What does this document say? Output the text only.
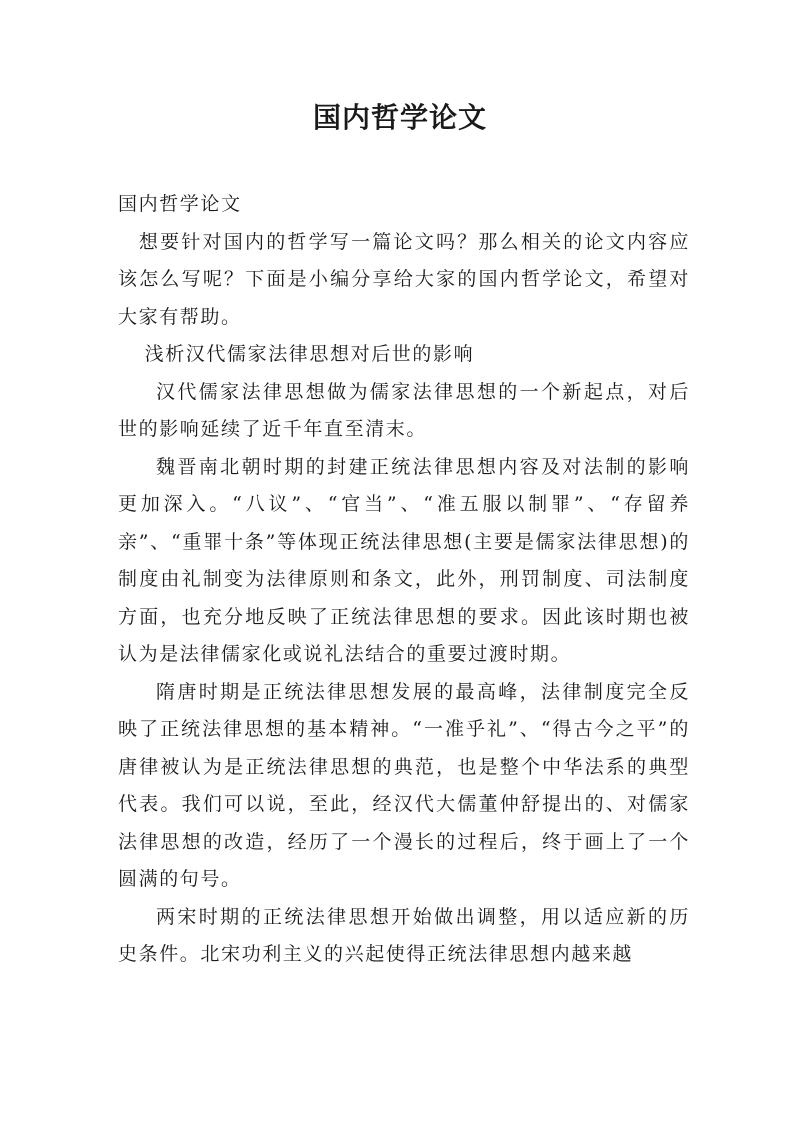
国内哲学论文

国内哲学论文

想要针对国内的哲学写一篇论文吗？那么相关的论文内容应该怎么写呢？下面是小编分享给大家的国内哲学论文，希望对大家有帮助。

浅析汉代儒家法律思想对后世的影响

汉代儒家法律思想做为儒家法律思想的一个新起点，对后世的影响延续了近千年直至清末。

魏晋南北朝时期的封建正统法律思想内容及对法制的影响更加深入。“八议”、“官当”、“准五服以制罪”、“存留养亲”、“重罪十条”等体现正统法律思想(主要是儒家法律思想)的制度由礼制变为法律原则和条文，此外，刑罚制度、司法制度方面，也充分地反映了正统法律思想的要求。因此该时期也被认为是法律儒家化或说礼法结合的重要过渡时期。

隋唐时期是正统法律思想发展的最高峰，法律制度完全反映了正统法律思想的基本精神。“一准乎礼”、“得古今之平”的唐律被认为是正统法律思想的典范，也是整个中华法系的典型代表。我们可以说，至此，经汉代大儒董仲舒提出的、对儒家法律思想的改造，经历了一个漫长的过程后，终于画上了一个圆满的句号。

两宋时期的正统法律思想开始做出调整，用以适应新的历史条件。北宋功利主义的兴起使得正统法律思想内越来越
